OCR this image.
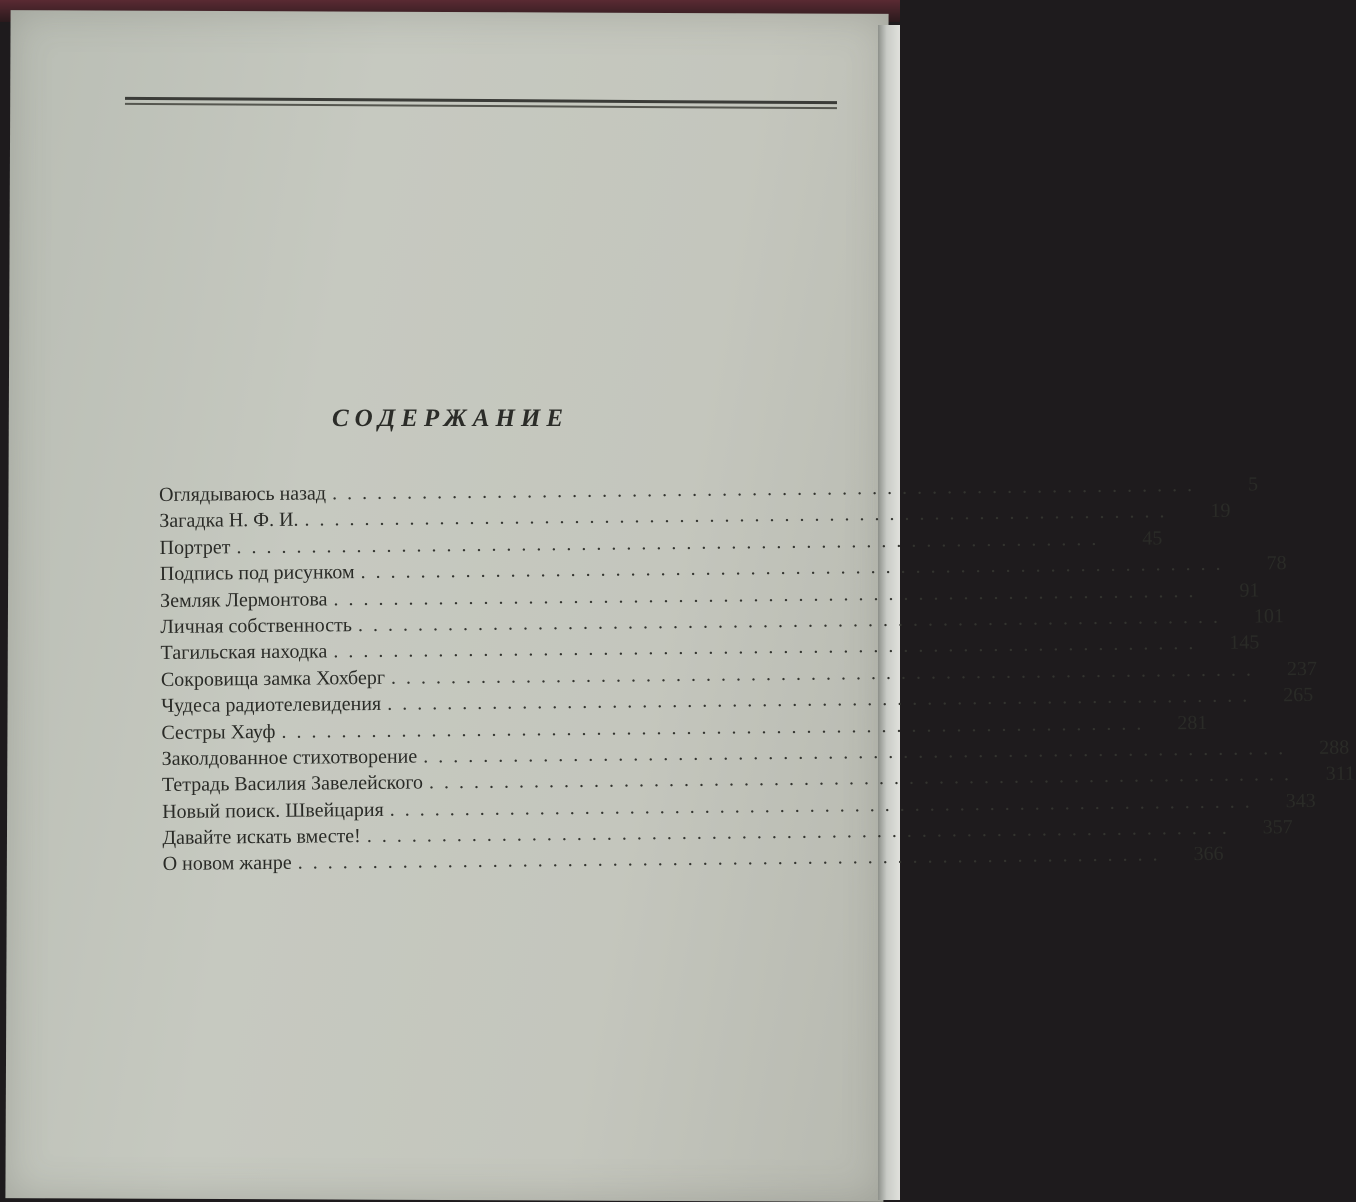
СОДЕРЖАНИЕ
Оглядываюсь назад ..........................................................	5
Загадка Н. Ф. И. ..........................................................	19
Портрет ..........................................................	45
Подпись под рисунком ..........................................................	78
Земляк Лермонтова ..........................................................	91
Личная собственность ..........................................................	101
Тагильская находка ..........................................................	145
Сокровища замка Хохберг ..........................................................	237
Чудеса радиотелевидения ..........................................................	265
Сестры Хауф ..........................................................	281
Заколдованное стихотворение ..........................................................	288
Тетрадь Василия Завелейского ..........................................................	311
Новый поиск. Швейцария ..........................................................	343
Давайте искать вместе! ..........................................................	357
О новом жанре ..........................................................	366
